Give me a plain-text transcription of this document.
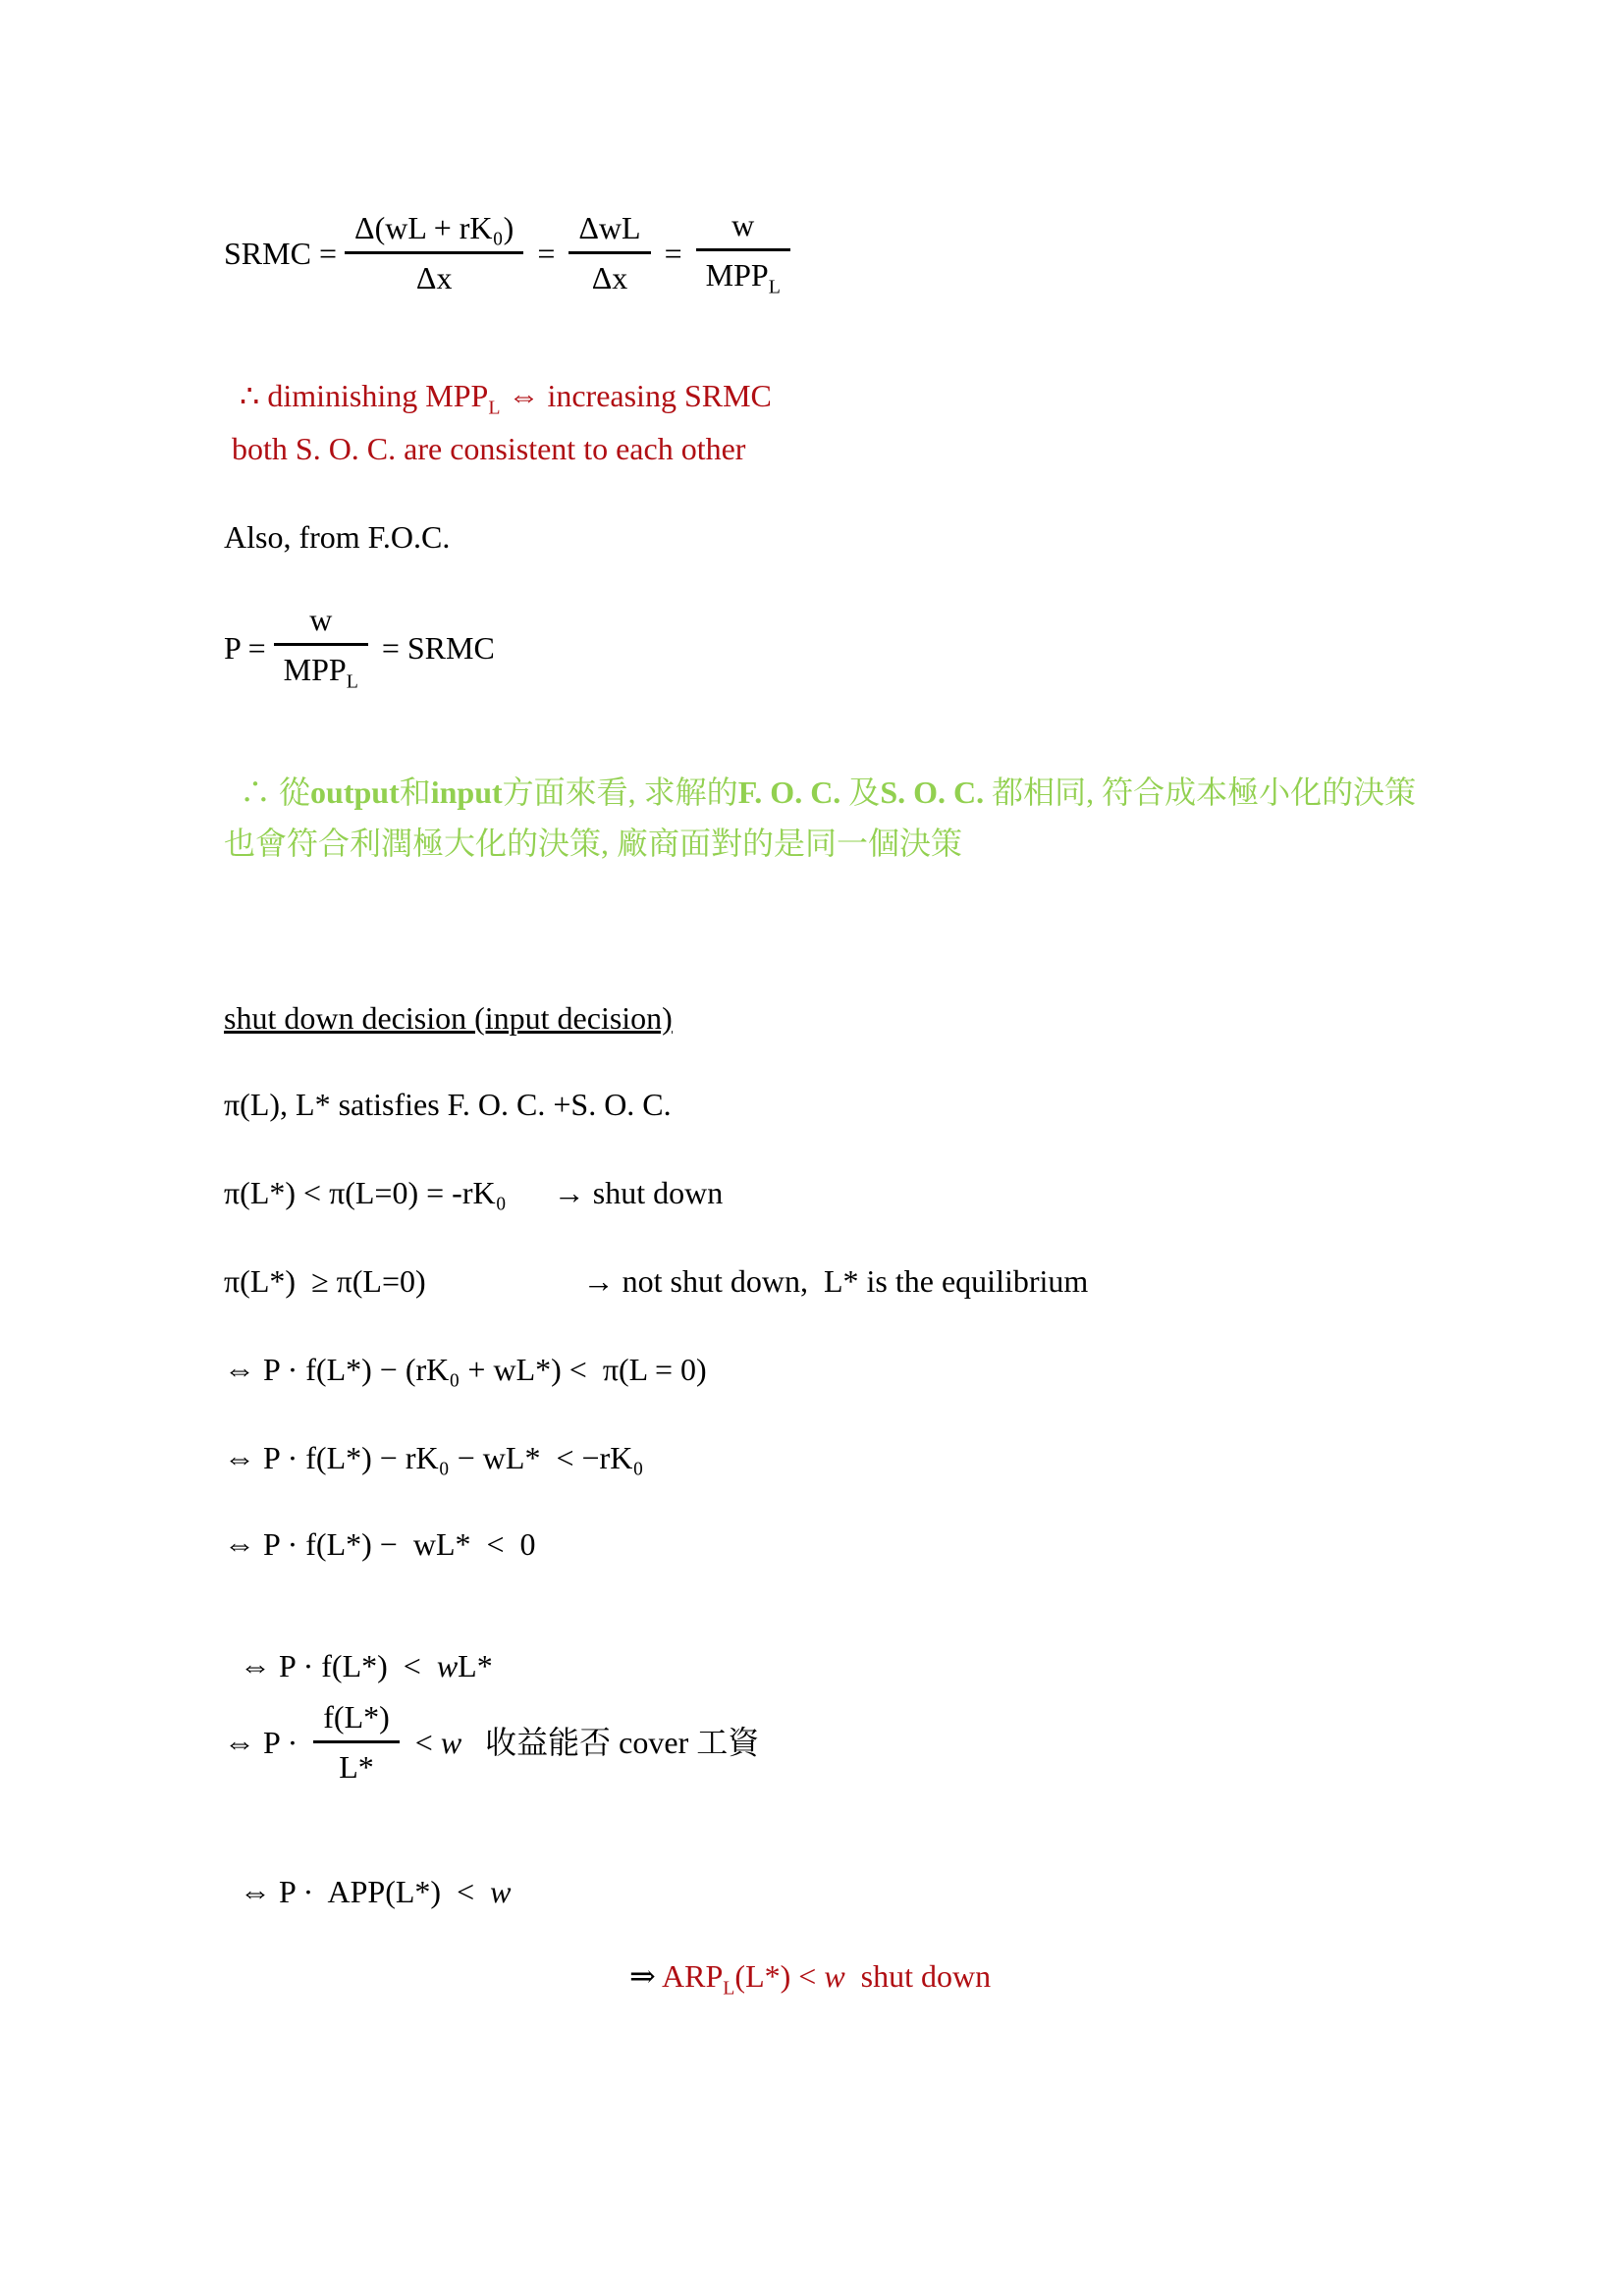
SRMC = $\frac{\text{Δ(wL + rK₀)}}{\Delta x} = \frac{\text{ΔwL}}{\Delta x} = \frac{w}{MPP_L}$

∴ diminishing $MPP_L$ ⇔ increasing SRMC

both S. O. C. are consistent to each other
Also, from F.O.C.
$P = \frac{w}{MPP_L}$ = SRMC

∴ 從output和input方面來看, 求解的F. O. C. 及S. O. C. 都相同, 符合成本極小化的決策

也會符合利潤極大化的決策, 廠商面對的是同一個決策
shut down decision (input decision)
π(L), L* satisfies F. O. C. +S. O. C.
π(L*) < π(L=0) = -rK₀      → shut down
π(L*)  ≥ π(L=0)                    → not shut down,  L* is the equilibrium
⇔ P · f(L*) − (rK₀ + wL*) <  π(L = 0)
⇔ P · f(L*) − rK₀ − wL*  < −rK₀
⇔ P · f(L*) −  wL*  <  0

⇔ P · f(L*)  <  wL*

⇔ $P \cdot \frac{f(L*)}{L*} < w$ 收益能否 cover 工資

⇔ P ·  APP(L*)  <  w

⇒ $ARP_L(L*) < w$  shut down
